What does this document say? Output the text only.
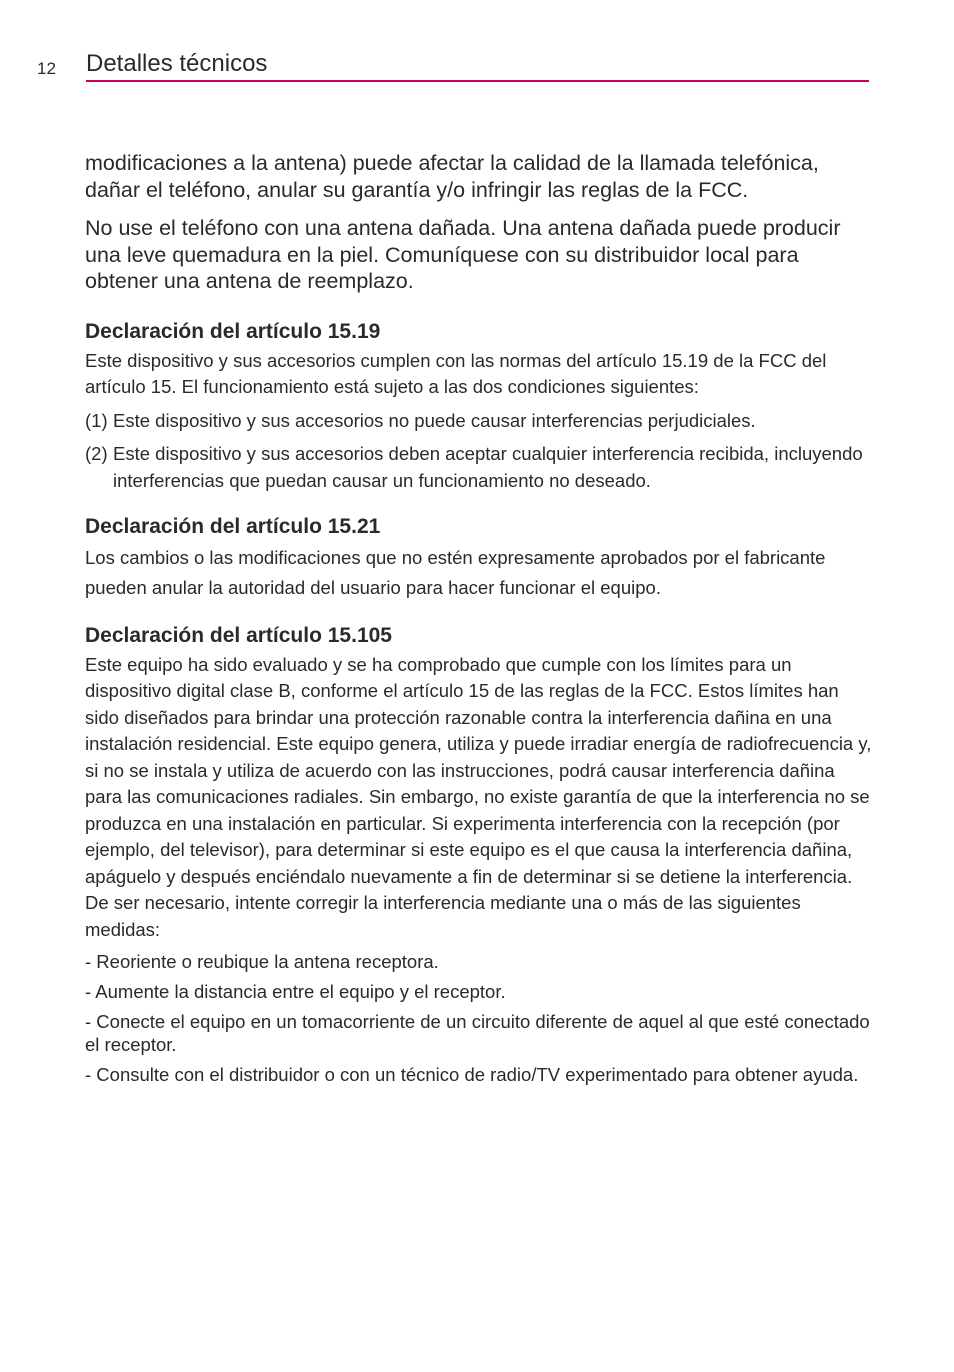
12 Detalles técnicos

modificaciones a la antena) puede afectar la calidad de la llamada telefónica, dañar el teléfono, anular su garantía y/o infringir las reglas de la FCC.

No use el teléfono con una antena dañada. Una antena dañada puede producir una leve quemadura en la piel. Comuníquese con su distribuidor local para obtener una antena de reemplazo.

Declaración del artículo 15.19

Este dispositivo y sus accesorios cumplen con las normas del artículo 15.19 de la FCC del artículo 15. El funcionamiento está sujeto a las dos condiciones siguientes:

(1) Este dispositivo y sus accesorios no puede causar interferencias perjudiciales.
(2) Este dispositivo y sus accesorios deben aceptar cualquier interferencia recibida, incluyendo interferencias que puedan causar un funcionamiento no deseado.
Declaración del artículo 15.21

Los cambios o las modificaciones que no estén expresamente aprobados por el fabricante pueden anular la autoridad del usuario para hacer funcionar el equipo.

Declaración del artículo 15.105

Este equipo ha sido evaluado y se ha comprobado que cumple con los límites para un dispositivo digital clase B, conforme el artículo 15 de las reglas de la FCC. Estos límites han sido diseñados para brindar una protección razonable contra la interferencia dañina en una instalación residencial. Este equipo genera, utiliza y puede irradiar energía de radiofrecuencia y, si no se instala y utiliza de acuerdo con las instrucciones, podrá causar interferencia dañina para las comunicaciones radiales. Sin embargo, no existe garantía de que la interferencia no se produzca en una instalación en particular. Si experimenta interferencia con la recepción (por ejemplo, del televisor), para determinar si este equipo es el que causa la interferencia dañina, apáguelo y después enciéndalo nuevamente a fin de determinar si se detiene la interferencia. De ser necesario, intente corregir la interferencia mediante una o más de las siguientes medidas:

- Reoriente o reubique la antena receptora.
- Aumente la distancia entre el equipo y el receptor.
- Conecte el equipo en un tomacorriente de un circuito diferente de aquel al que esté conectado el receptor.
- Consulte con el distribuidor o con un técnico de radio/TV experimentado para obtener ayuda.
